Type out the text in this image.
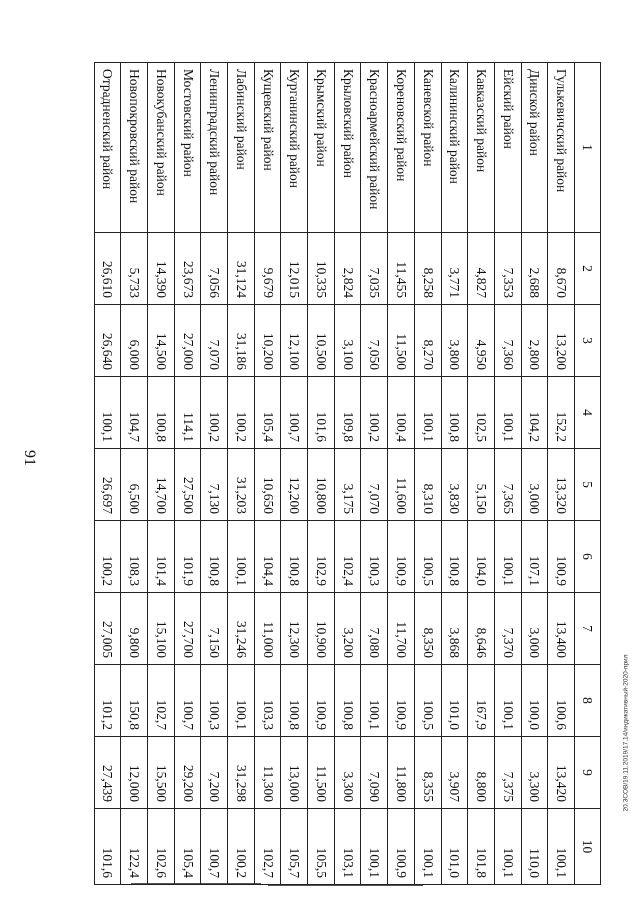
91
20.ЗСОВ/19.11.2019/17.14/индикативный-2020-прил
1	2	3	4	5	6	7	8	9	10
Гулькевичский район	8,670	13,200	152,2	13,320	100,9	13,400	100,6	13,420	100,1
Динской район	2,688	2,800	104,2	3,000	107,1	3,000	100,0	3,300	110,0
Ейский район	7,353	7,360	100,1	7,365	100,1	7,370	100,1	7,375	100,1
Кавказский район	4,827	4,950	102,5	5,150	104,0	8,646	167,9	8,800	101,8
Калининский район	3,771	3,800	100,8	3,830	100,8	3,868	101,0	3,907	101,0
Каневской район	8,258	8,270	100,1	8,310	100,5	8,350	100,5	8,355	100,1
Кореновский район	11,455	11,500	100,4	11,600	100,9	11,700	100,9	11,800	100,9
Красноармейский район	7,035	7,050	100,2	7,070	100,3	7,080	100,1	7,090	100,1
Крыловский район	2,824	3,100	109,8	3,175	102,4	3,200	100,8	3,300	103,1
Крымский район	10,335	10,500	101,6	10,800	102,9	10,900	100,9	11,500	105,5
Курганинский район	12,015	12,100	100,7	12,200	100,8	12,300	100,8	13,000	105,7
Кущевский район	9,679	10,200	105,4	10,650	104,4	11,000	103,3	11,300	102,7
Лабинский район	31,124	31,186	100,2	31,203	100,1	31,246	100,1	31,298	100,2
Ленинградский район	7,056	7,070	100,2	7,130	100,8	7,150	100,3	7,200	100,7
Мостовский район	23,673	27,000	114,1	27,500	101,9	27,700	100,7	29,200	105,4
Новокубанский район	14,390	14,500	100,8	14,700	101,4	15,100	102,7	15,500	102,6
Новопокровский район	5,733	6,000	104,7	6,500	108,3	9,800	150,8	12,000	122,4
Отрадненский район	26,610	26,640	100,1	26,697	100,2	27,005	101,2	27,439	101,6
